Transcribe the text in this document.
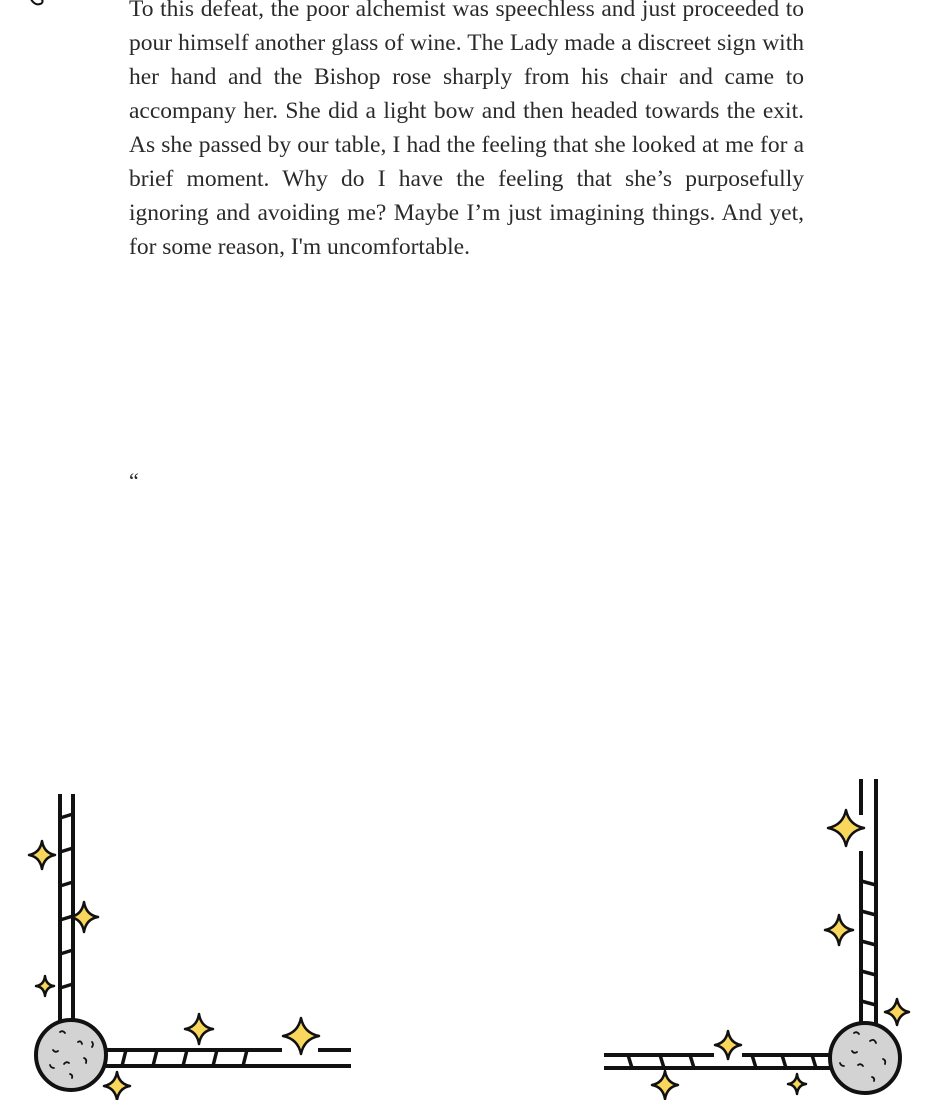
To this defeat, the poor alchemist was speechless and just proceeded to pour himself another glass of wine. The Lady made a discreet sign with her hand and the Bishop rose sharply from his chair and came to accompany her. She did a light bow and then headed towards the exit. As she passed by our table, I had the feeling that she looked at me for a brief moment. Why do I have the feeling that she’s purposefully ignoring and avoiding me? Maybe I’m just imagining things. And yet, for some reason, I'm uncomfortable.

“
